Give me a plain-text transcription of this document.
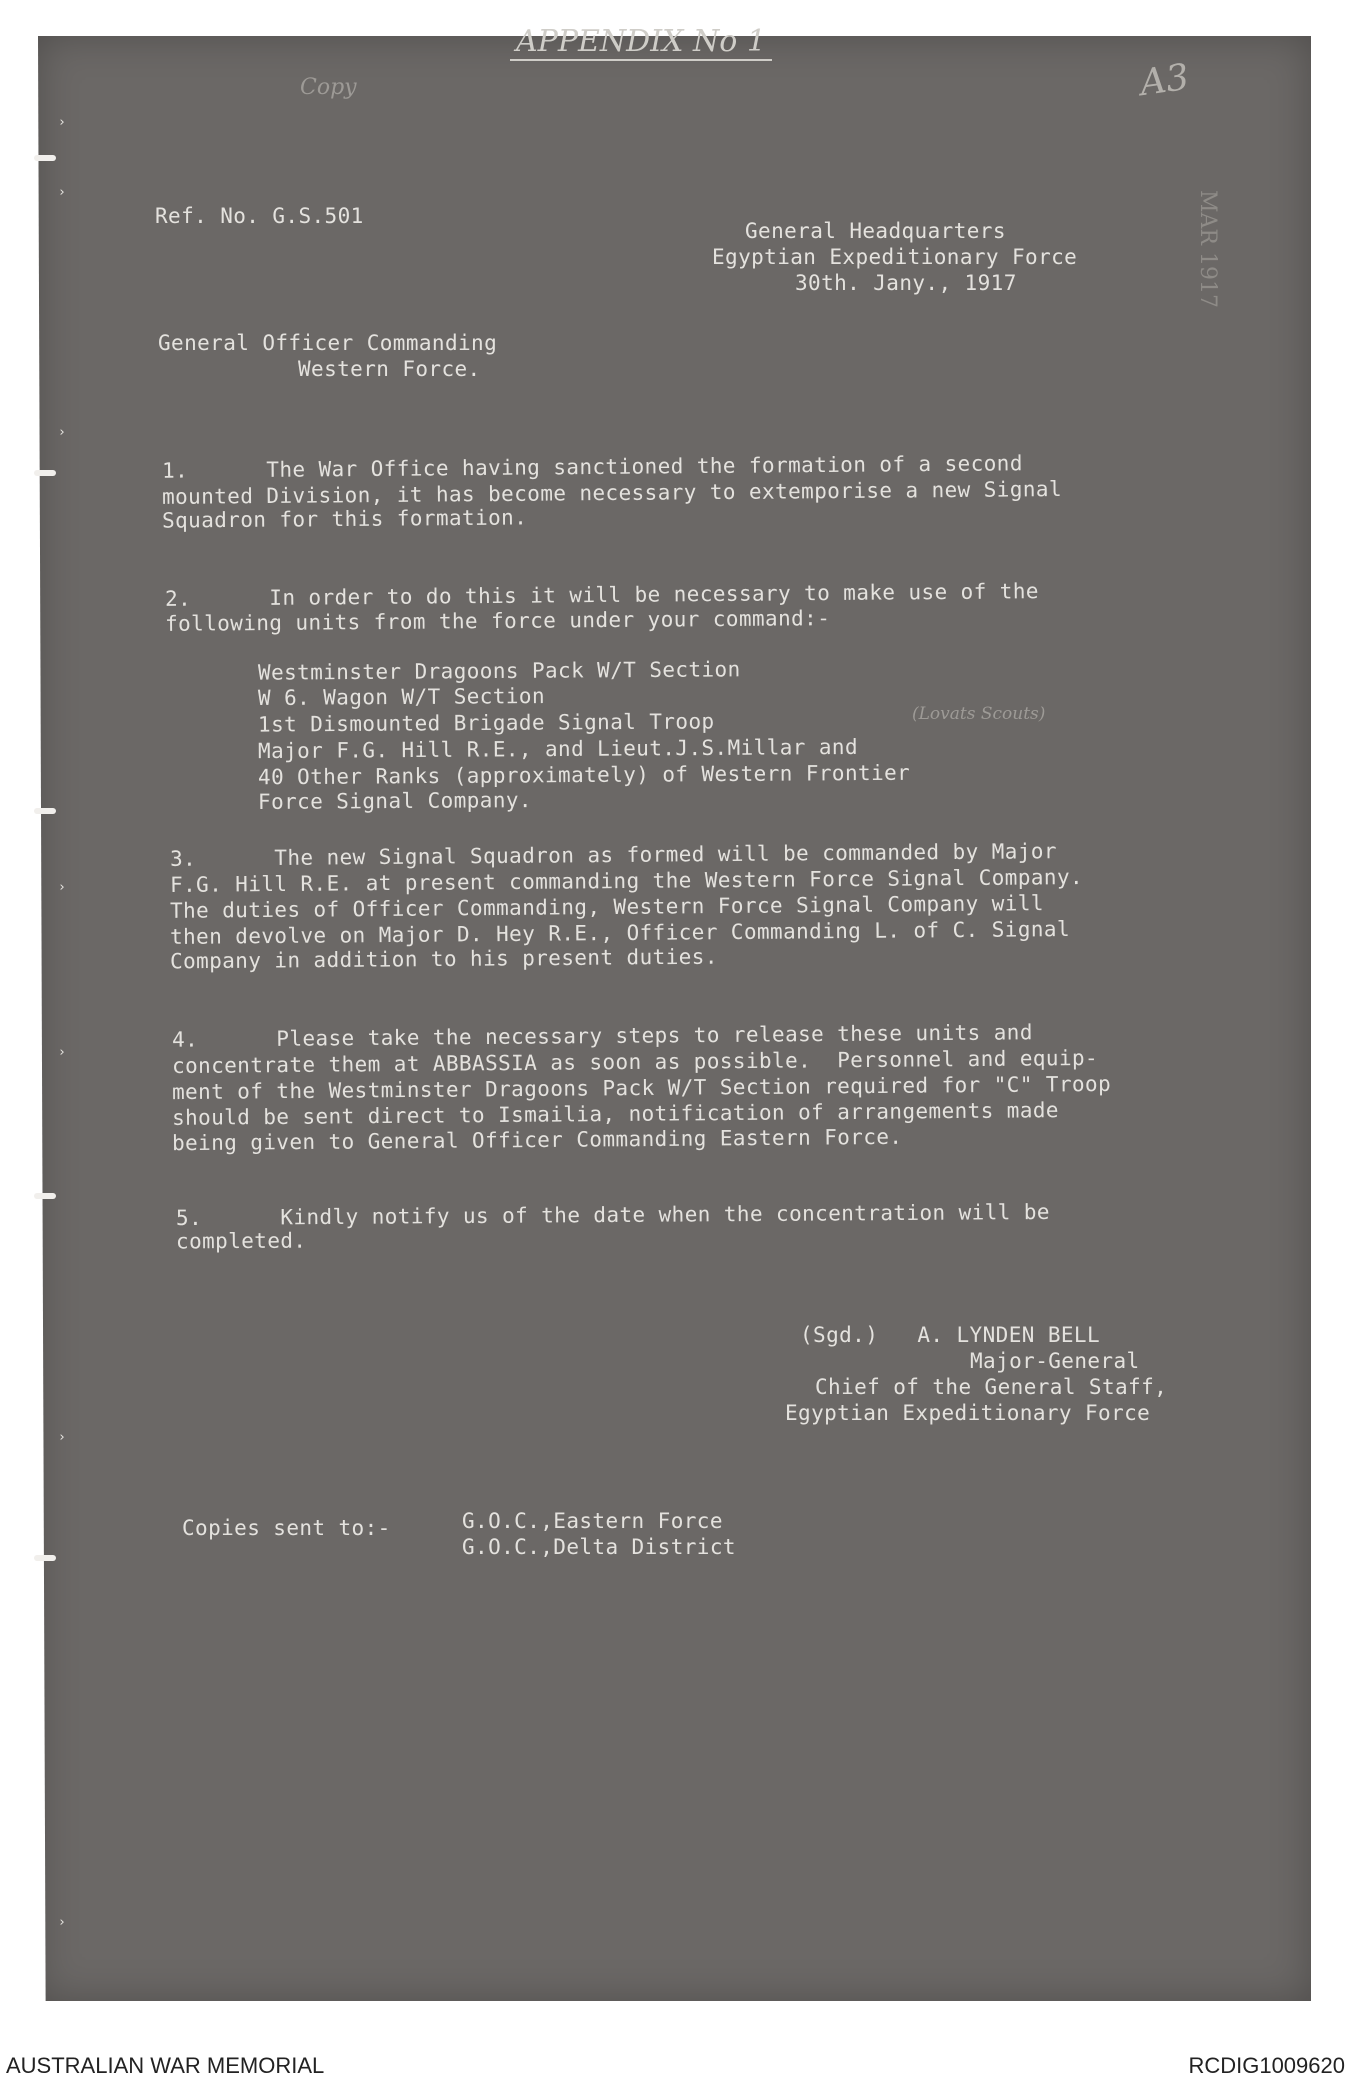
›
›
›
›
›
›
›
APPENDIX No 1
Copy	A3
MAR 1917
Ref. No. G.S.501
General Headquarters
Egyptian Expeditionary Force
30th. Jany., 1917
General Officer Commanding
Western Force.
1.      The War Office having sanctioned the formation of a second
mounted Division, it has become necessary to extemporise a new Signal
Squadron for this formation.
2.      In order to do this it will be necessary to make use of the
following units from the force under your command:-
Westminster Dragoons Pack W/T Section
W 6. Wagon W/T Section
1st Dismounted Brigade Signal Troop
Major F.G. Hill R.E., and Lieut.J.S.Millar and
40 Other Ranks (approximately) of Western Frontier
Force Signal Company.
(Lovats Scouts)
3.      The new Signal Squadron as formed will be commanded by Major
F.G. Hill R.E. at present commanding the Western Force Signal Company.
The duties of Officer Commanding, Western Force Signal Company will
then devolve on Major D. Hey R.E., Officer Commanding L. of C. Signal
Company in addition to his present duties.
4.      Please take the necessary steps to release these units and
concentrate them at ABBASSIA as soon as possible.  Personnel and equip-
ment of the Westminster Dragoons Pack W/T Section required for "C" Troop
should be sent direct to Ismailia, notification of arrangements made
being given to General Officer Commanding Eastern Force.
5.      Kindly notify us of the date when the concentration will be
completed.
(Sgd.)   A. LYNDEN BELL
Major-General
Chief of the General Staff,
Egyptian Expeditionary Force
Copies sent to:-	G.O.C.,Eastern Force
G.O.C.,Delta District
AUSTRALIAN WAR MEMORIAL	RCDIG1009620
